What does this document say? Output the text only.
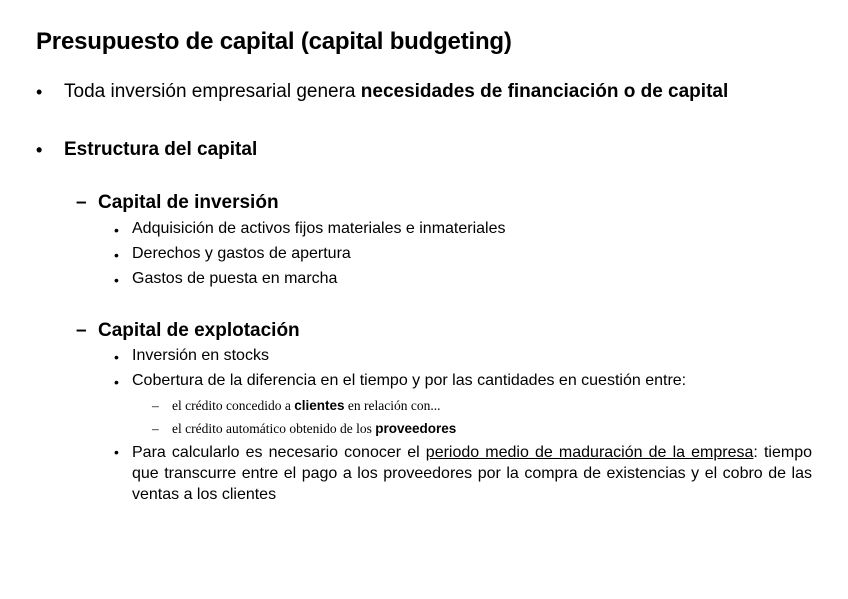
Presupuesto de capital (capital budgeting)
• Toda inversión empresarial genera necesidades de financiación o de capital
• Estructura del capital
– Capital de inversión
• Adquisición de activos fijos materiales e inmateriales
• Derechos y gastos de apertura
• Gastos de puesta en marcha
– Capital de explotación
• Inversión en stocks
• Cobertura de la diferencia en el tiempo y por las cantidades en cuestión entre:
– el crédito concedido a clientes en relación con...
– el crédito automático obtenido de los proveedores
• Para calcularlo es necesario conocer el periodo medio de maduración de la empresa: tiempo que transcurre entre el pago a los proveedores por la compra de existencias y el cobro de las ventas a los clientes
